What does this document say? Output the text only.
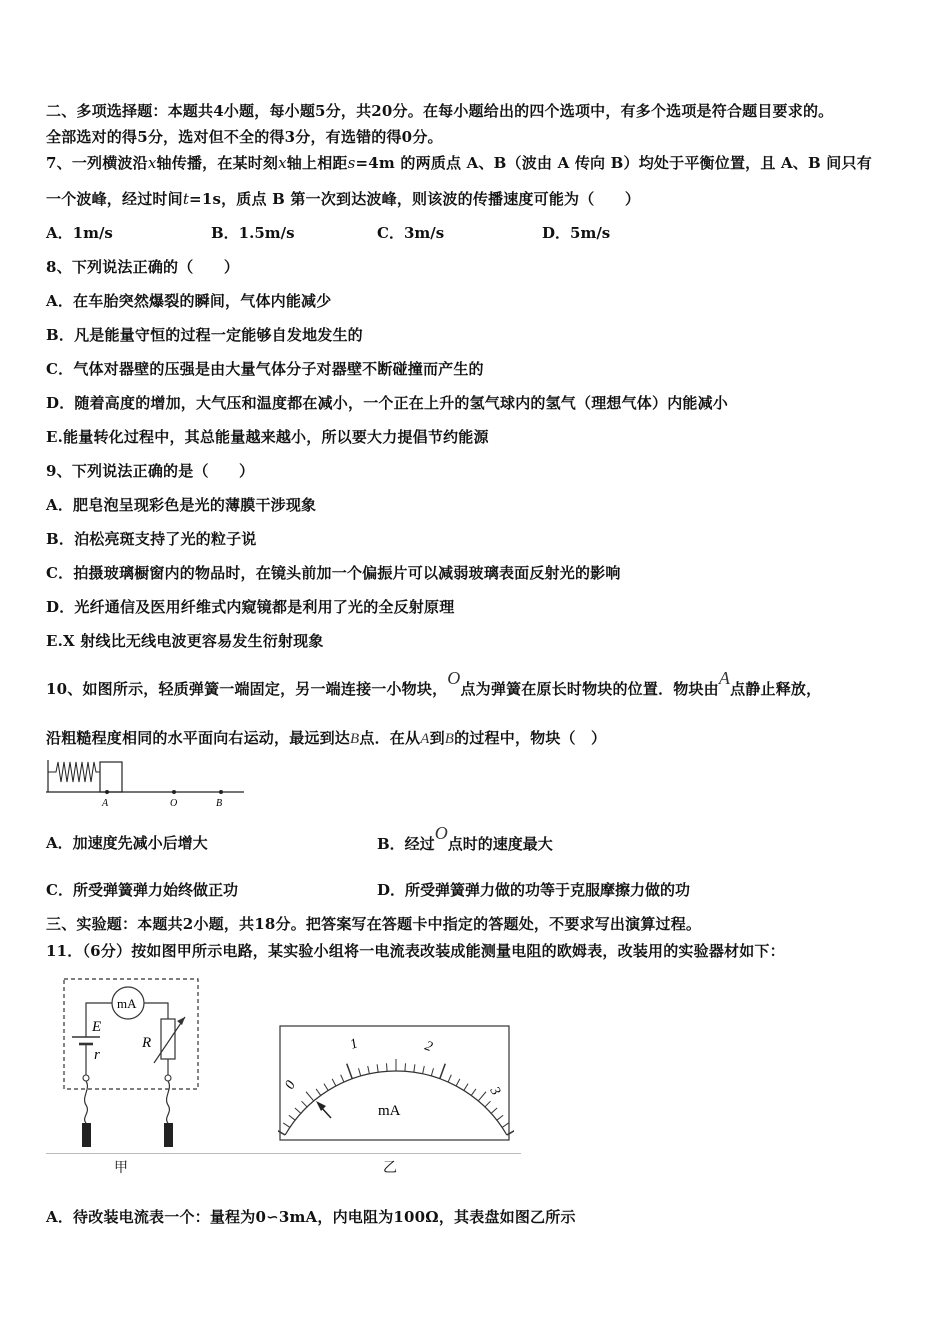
二、多项选择题：本题共4小题，每小题5分，共20分。在每小题给出的四个选项中，有多个选项是符合题目要求的。
全部选对的得5分，选对但不全的得3分，有选错的得0分。
7、一列横波沿x轴传播，在某时刻x轴上相距s=4m 的两质点 A、B（波由 A 传向 B）均处于平衡位置，且 A、B 间只有
一个波峰，经过时间t=1s，质点 B 第一次到达波峰，则该波的传播速度可能为（　　）
A．1m/s	B．1.5m/s	C．3m/s	D．5m/s
8、下列说法正确的（　　）
A．在车胎突然爆裂的瞬间，气体内能减少
B．凡是能量守恒的过程一定能够自发地发生的
C．气体对器壁的压强是由大量气体分子对器壁不断碰撞而产生的
D．随着高度的增加，大气压和温度都在减小，一个正在上升的氢气球内的氢气（理想气体）内能减小
E.能量转化过程中，其总能量越来越小，所以要大力提倡节约能源
9、下列说法正确的是（　　）
A．肥皂泡呈现彩色是光的薄膜干涉现象
B．泊松亮斑支持了光的粒子说
C．拍摄玻璃橱窗内的物品时，在镜头前加一个偏振片可以减弱玻璃表面反射光的影响
D．光纤通信及医用纤维式内窥镜都是利用了光的全反射原理
E.X 射线比无线电波更容易发生衍射现象
10、如图所示，轻质弹簧一端固定，另一端连接一小物块，O点为弹簧在原长时物块的位置．物块由A点静止释放，
沿粗糙程度相同的水平面向右运动，最远到达B点．在从A到B的过程中，物块（　）
A	O	B
A．加速度先减小后增大	B．经过O点时的速度最大
C．所受弹簧弹力始终做正功	D．所受弹簧弹力做的功等于克服摩擦力做的功
三、实验题：本题共2小题，共18分。把答案写在答题卡中指定的答题处，不要求写出演算过程。
11．（6分）按如图甲所示电路，某实验小组将一电流表改装成能测量电阻的欧姆表，改装用的实验器材如下：
mA
E
r
R
0
1	2
3
mA
甲	乙
A．待改装电流表一个：量程为0∽3mA，内电阻为100Ω，其表盘如图乙所示
